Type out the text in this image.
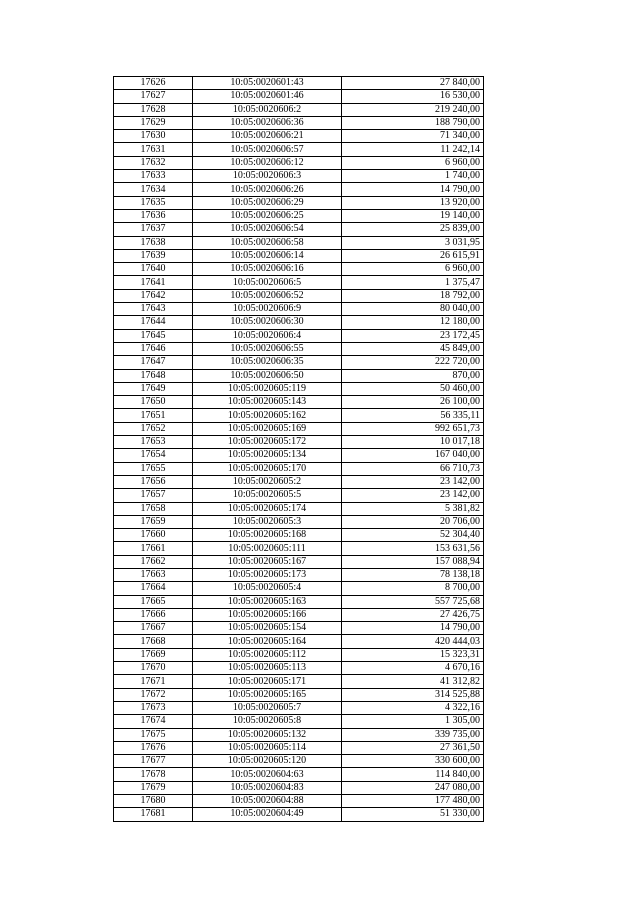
17626	10:05:0020601:43	27 840,00
17627	10:05:0020601:46	16 530,00
17628	10:05:0020606:2	219 240,00
17629	10:05:0020606:36	188 790,00
17630	10:05:0020606:21	71 340,00
17631	10:05:0020606:57	11 242,14
17632	10:05:0020606:12	6 960,00
17633	10:05:0020606:3	1 740,00
17634	10:05:0020606:26	14 790,00
17635	10:05:0020606:29	13 920,00
17636	10:05:0020606:25	19 140,00
17637	10:05:0020606:54	25 839,00
17638	10:05:0020606:58	3 031,95
17639	10:05:0020606:14	26 615,91
17640	10:05:0020606:16	6 960,00
17641	10:05:0020606:5	1 375,47
17642	10:05:0020606:52	18 792,00
17643	10:05:0020606:9	80 040,00
17644	10:05:0020606:30	12 180,00
17645	10:05:0020606:4	23 172,45
17646	10:05:0020606:55	45 849,00
17647	10:05:0020606:35	222 720,00
17648	10:05:0020606:50	870,00
17649	10:05:0020605:119	50 460,00
17650	10:05:0020605:143	26 100,00
17651	10:05:0020605:162	56 335,11
17652	10:05:0020605:169	992 651,73
17653	10:05:0020605:172	10 017,18
17654	10:05:0020605:134	167 040,00
17655	10:05:0020605:170	66 710,73
17656	10:05:0020605:2	23 142,00
17657	10:05:0020605:5	23 142,00
17658	10:05:0020605:174	5 381,82
17659	10:05:0020605:3	20 706,00
17660	10:05:0020605:168	52 304,40
17661	10:05:0020605:111	153 631,56
17662	10:05:0020605:167	157 088,94
17663	10:05:0020605:173	78 138,18
17664	10:05:0020605:4	8 700,00
17665	10:05:0020605:163	557 725,68
17666	10:05:0020605:166	27 426,75
17667	10:05:0020605:154	14 790,00
17668	10:05:0020605:164	420 444,03
17669	10:05:0020605:112	15 323,31
17670	10:05:0020605:113	4 670,16
17671	10:05:0020605:171	41 312,82
17672	10:05:0020605:165	314 525,88
17673	10:05:0020605:7	4 322,16
17674	10:05:0020605:8	1 305,00
17675	10:05:0020605:132	339 735,00
17676	10:05:0020605:114	27 361,50
17677	10:05:0020605:120	330 600,00
17678	10:05:0020604:63	114 840,00
17679	10:05:0020604:83	247 080,00
17680	10:05:0020604:88	177 480,00
17681	10:05:0020604:49	51 330,00
